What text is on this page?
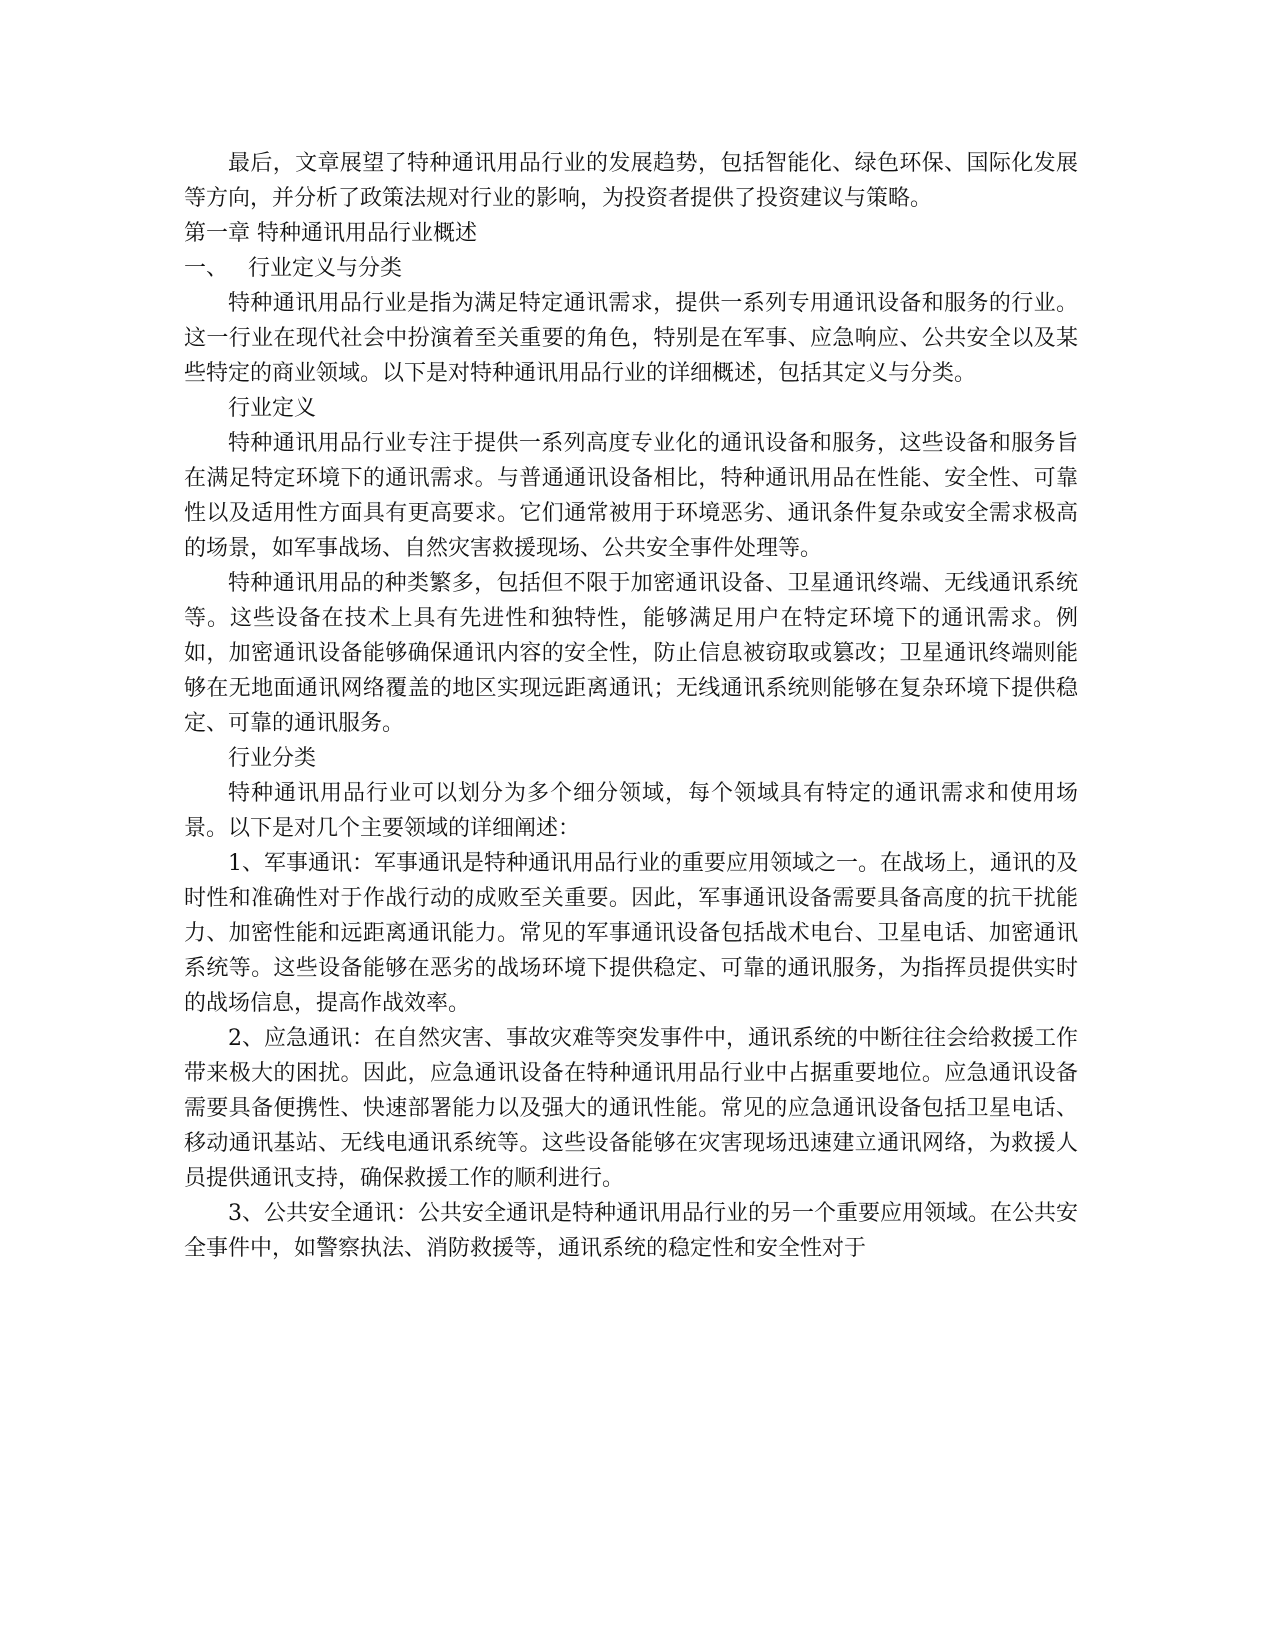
最后，文章展望了特种通讯用品行业的发展趋势，包括智能化、绿色环保、国际化发展等方向，并分析了政策法规对行业的影响，为投资者提供了投资建议与策略。

第一章 特种通讯用品行业概述

一、 行业定义与分类

特种通讯用品行业是指为满足特定通讯需求，提供一系列专用通讯设备和服务的行业。这一行业在现代社会中扮演着至关重要的角色，特别是在军事、应急响应、公共安全以及某些特定的商业领域。以下是对特种通讯用品行业的详细概述，包括其定义与分类。

行业定义

特种通讯用品行业专注于提供一系列高度专业化的通讯设备和服务，这些设备和服务旨在满足特定环境下的通讯需求。与普通通讯设备相比，特种通讯用品在性能、安全性、可靠性以及适用性方面具有更高要求。它们通常被用于环境恶劣、通讯条件复杂或安全需求极高的场景，如军事战场、自然灾害救援现场、公共安全事件处理等。

特种通讯用品的种类繁多，包括但不限于加密通讯设备、卫星通讯终端、无线通讯系统等。这些设备在技术上具有先进性和独特性，能够满足用户在特定环境下的通讯需求。例如，加密通讯设备能够确保通讯内容的安全性，防止信息被窃取或篡改；卫星通讯终端则能够在无地面通讯网络覆盖的地区实现远距离通讯；无线通讯系统则能够在复杂环境下提供稳定、可靠的通讯服务。

行业分类

特种通讯用品行业可以划分为多个细分领域，每个领域具有特定的通讯需求和使用场景。以下是对几个主要领域的详细阐述：

1、军事通讯：军事通讯是特种通讯用品行业的重要应用领域之一。在战场上，通讯的及时性和准确性对于作战行动的成败至关重要。因此，军事通讯设备需要具备高度的抗干扰能力、加密性能和远距离通讯能力。常见的军事通讯设备包括战术电台、卫星电话、加密通讯系统等。这些设备能够在恶劣的战场环境下提供稳定、可靠的通讯服务，为指挥员提供实时的战场信息，提高作战效率。

2、应急通讯：在自然灾害、事故灾难等突发事件中，通讯系统的中断往往会给救援工作带来极大的困扰。因此，应急通讯设备在特种通讯用品行业中占据重要地位。应急通讯设备需要具备便携性、快速部署能力以及强大的通讯性能。常见的应急通讯设备包括卫星电话、移动通讯基站、无线电通讯系统等。这些设备能够在灾害现场迅速建立通讯网络，为救援人员提供通讯支持，确保救援工作的顺利进行。

3、公共安全通讯：公共安全通讯是特种通讯用品行业的另一个重要应用领域。在公共安全事件中，如警察执法、消防救援等，通讯系统的稳定性和安全性对于
